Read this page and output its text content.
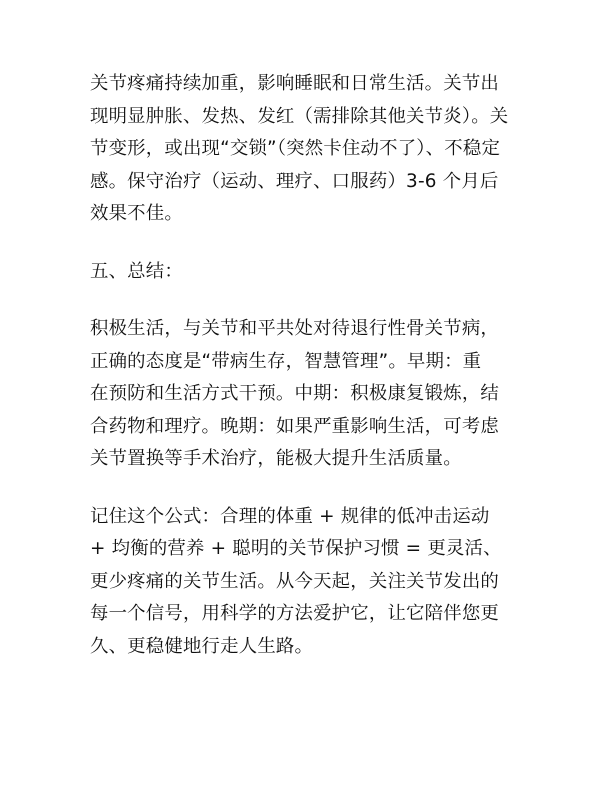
关节疼痛持续加重，影响睡眠和日常生活。关节出
现明显肿胀、发热、发红（需排除其他关节炎）。关
节变形，或出现“交锁”（突然卡住动不了）、不稳定
感。保守治疗（运动、理疗、口服药）3-6 个月后
效果不佳。
五、总结：
积极生活，与关节和平共处对待退行性骨关节病，
正确的态度是“带病生存，智慧管理”。早期：重
在预防和生活方式干预。中期：积极康复锻炼，结
合药物和理疗。晚期：如果严重影响生活，可考虑
关节置换等手术治疗，能极大提升生活质量。
记住这个公式：合理的体重 + 规律的低冲击运动
+ 均衡的营养 + 聪明的关节保护习惯 = 更灵活、
更少疼痛的关节生活。从今天起，关注关节发出的
每一个信号，用科学的方法爱护它，让它陪伴您更
久、更稳健地行走人生路。
